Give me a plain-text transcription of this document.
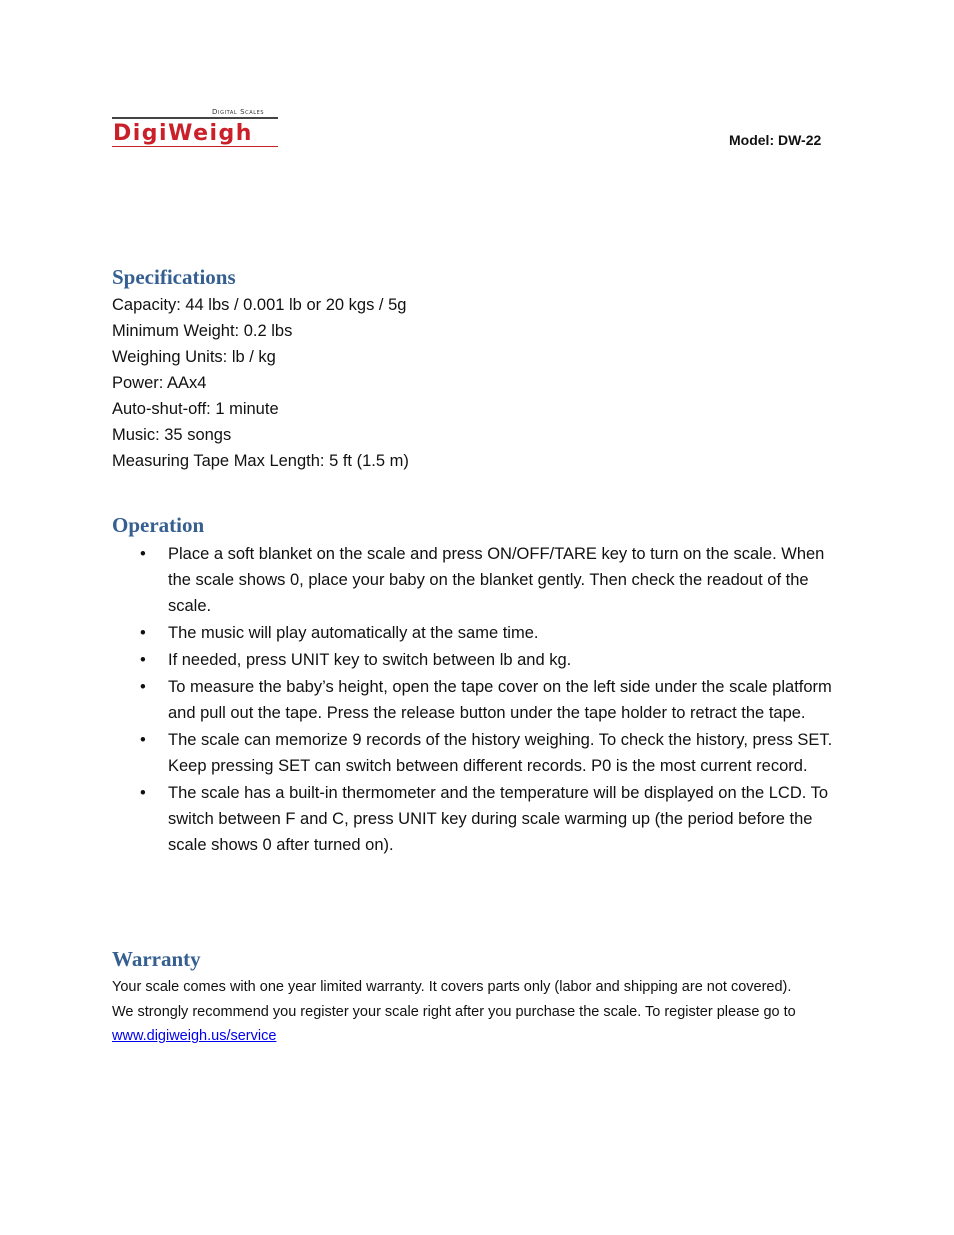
Digital Scales
DigiWeigh	Model: DW-22
Specifications
Capacity: 44 lbs / 0.001 lb or 20 kgs / 5g
Minimum Weight: 0.2 lbs
Weighing Units: lb / kg
Power: AAx4
Auto-shut-off: 1 minute
Music: 35 songs
Measuring Tape Max Length: 5 ft (1.5 m)
Operation
• Place a soft blanket on the scale and press ON/OFF/TARE key to turn on the scale. When the scale shows 0, place your baby on the blanket gently. Then check the readout of the scale.
• The music will play automatically at the same time.
• If needed, press UNIT key to switch between lb and kg.
• To measure the baby’s height, open the tape cover on the left side under the scale platform and pull out the tape. Press the release button under the tape holder to retract the tape.
• The scale can memorize 9 records of the history weighing. To check the history, press SET. Keep pressing SET can switch between different records. P0 is the most current record.
• The scale has a built-in thermometer and the temperature will be displayed on the LCD. To switch between F and C, press UNIT key during scale warming up (the period before the scale shows 0 after turned on).
Warranty

Your scale comes with one year limited warranty. It covers parts only (labor and shipping are not covered). We strongly recommend you register your scale right after you purchase the scale. To register please go to www.digiweigh.us/service
